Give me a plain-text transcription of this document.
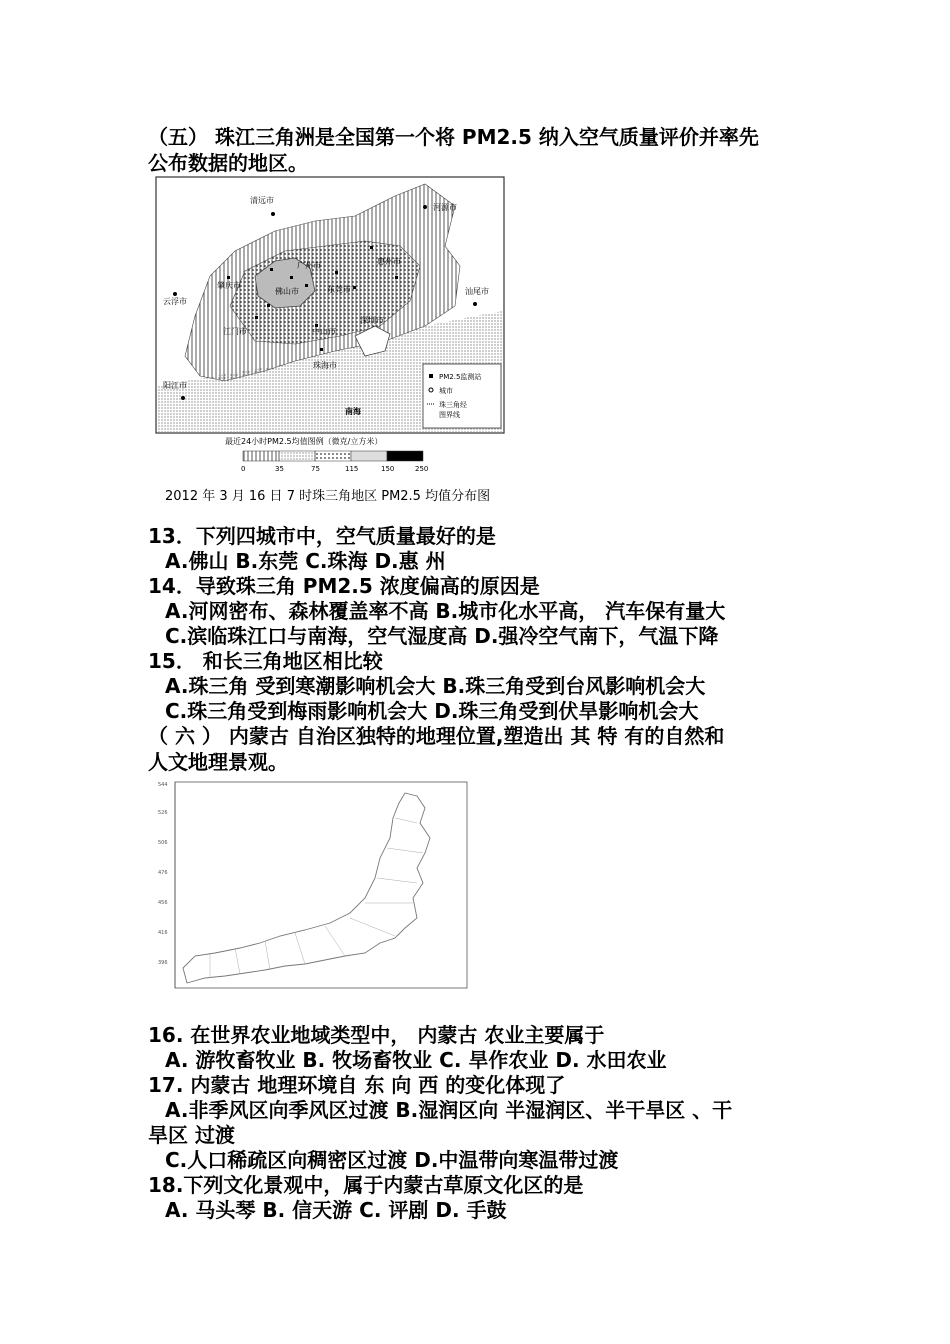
（五） 珠江三角洲是全国第一个将 PM2.5 纳入空气质量评价并率先
公布数据的地区。
清远市
河源市
广州市	惠州市
肇庆市
佛山市	东莞市
云浮市
汕尾市
江门市	中山市
深圳市
珠海市
阳江市
南海
PM2.5监测站
城市
珠三角经
图界线
最近24小时PM2.5均值图例（微克/立方米）
0	35	75	115	150	250
2012 年 3 月 16 日 7 时珠三角地区 PM2.5 均值分布图
13．下列四城市中，空气质量最好的是
A.佛山 B.东莞 C.珠海 D.惠 州
14．导致珠三角 PM2.5 浓度偏高的原因是
A.河网密布、森林覆盖率不高 B.城市化水平高， 汽车保有量大
C.滨临珠江口与南海，空气湿度高 D.强冷空气南下，气温下降
15． 和长三角地区相比较
A.珠三角 受到寒潮影响机会大 B.珠三角受到台风影响机会大
C.珠三角受到梅雨影响机会大 D.珠三角受到伏旱影响机会大
（ 六 ） 内蒙古 自治区独特的地理位置,塑造出 其 特 有的自然和
人文地理景观。
544
526
506
476
456
416
396
16. 在世界农业地域类型中， 内蒙古 农业主要属于
A. 游牧畜牧业 B. 牧场畜牧业 C. 旱作农业 D. 水田农业
17. 内蒙古 地理环境自 东 向 西 的变化体现了
A.非季风区向季风区过渡 B.湿润区向 半湿润区、半干旱区 、干
旱区 过渡
C.人口稀疏区向稠密区过渡 D.中温带向寒温带过渡
18.下列文化景观中，属于内蒙古草原文化区的是
A. 马头琴 B. 信天游 C. 评剧 D. 手鼓
